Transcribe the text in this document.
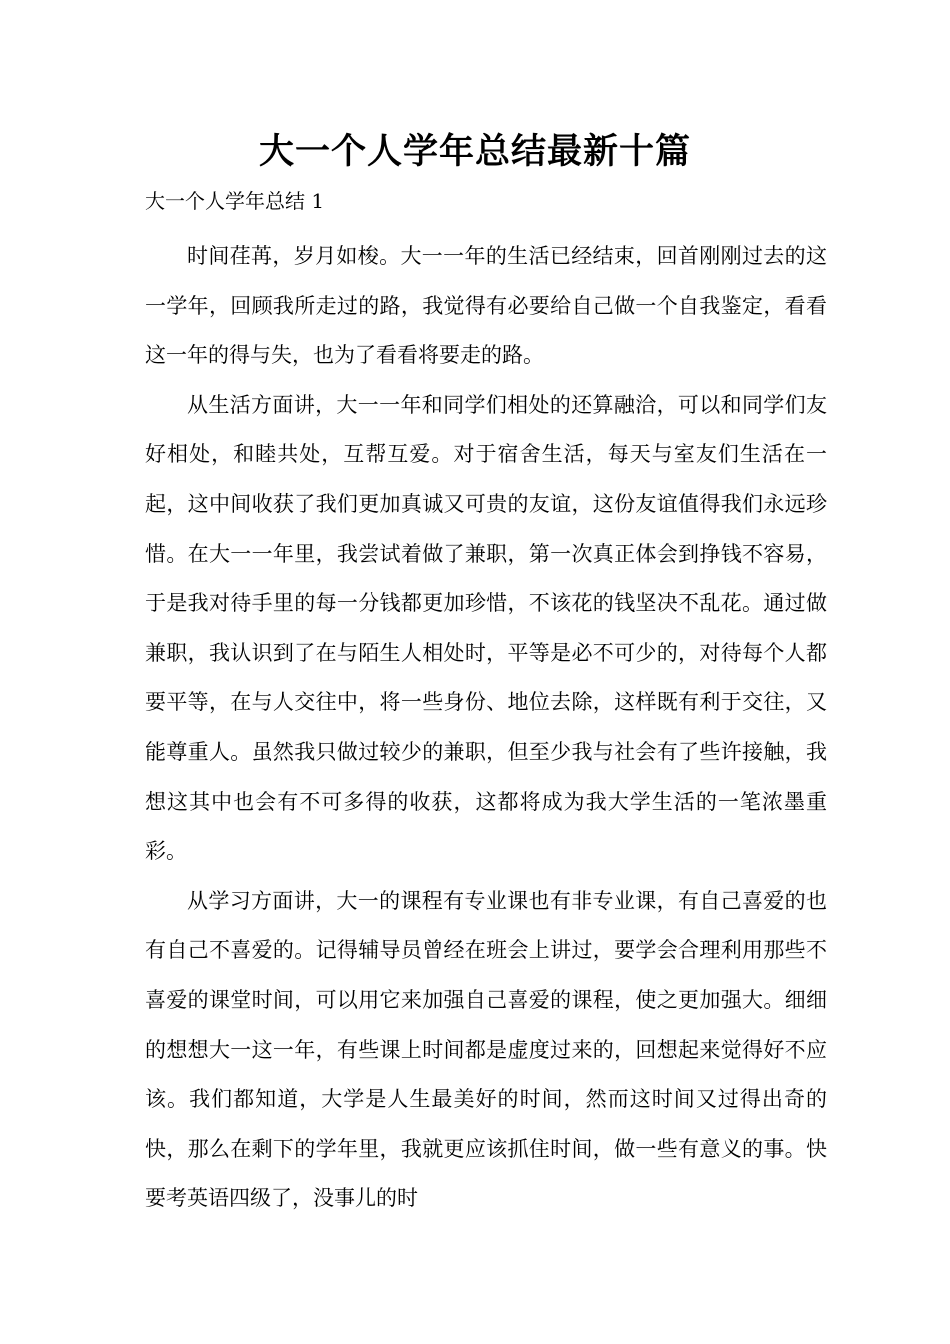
大一个人学年总结最新十篇

大一个人学年总结 1

时间荏苒，岁月如梭。大一一年的生活已经结束，回首刚刚过去的这一学年，回顾我所走过的路，我觉得有必要给自己做一个自我鉴定，看看这一年的得与失，也为了看看将要走的路。

从生活方面讲，大一一年和同学们相处的还算融洽，可以和同学们友好相处，和睦共处，互帮互爱。对于宿舍生活，每天与室友们生活在一起，这中间收获了我们更加真诚又可贵的友谊，这份友谊值得我们永远珍惜。在大一一年里，我尝试着做了兼职，第一次真正体会到挣钱不容易，于是我对待手里的每一分钱都更加珍惜，不该花的钱坚决不乱花。通过做兼职，我认识到了在与陌生人相处时，平等是必不可少的，对待每个人都要平等，在与人交往中，将一些身份、地位去除，这样既有利于交往，又能尊重人。虽然我只做过较少的兼职，但至少我与社会有了些许接触，我想这其中也会有不可多得的收获，这都将成为我大学生活的一笔浓墨重彩。

从学习方面讲，大一的课程有专业课也有非专业课，有自己喜爱的也有自己不喜爱的。记得辅导员曾经在班会上讲过，要学会合理利用那些不喜爱的课堂时间，可以用它来加强自己喜爱的课程，使之更加强大。细细的想想大一这一年，有些课上时间都是虚度过来的，回想起来觉得好不应该。我们都知道，大学是人生最美好的时间，然而这时间又过得出奇的快，那么在剩下的学年里，我就更应该抓住时间，做一些有意义的事。快要考英语四级了，没事儿的时
